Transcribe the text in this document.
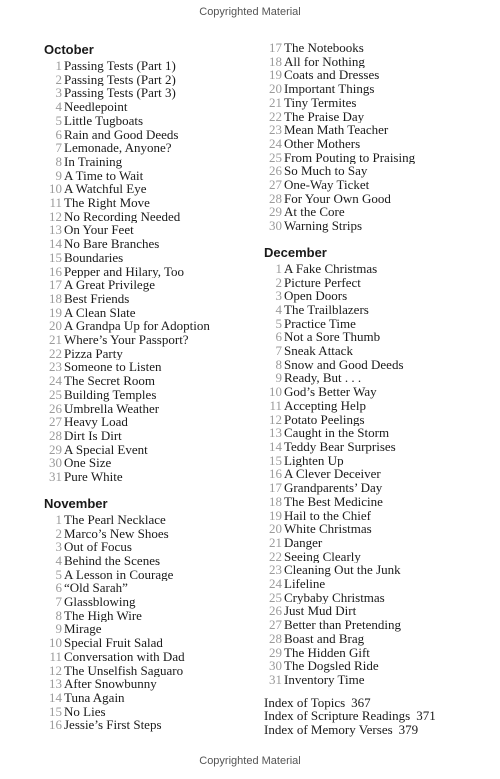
Copyrighted Material
October
1 Passing Tests (Part 1)
2 Passing Tests (Part 2)
3 Passing Tests (Part 3)
4 Needlepoint
5 Little Tugboats
6 Rain and Good Deeds
7 Lemonade, Anyone?
8 In Training
9 A Time to Wait
10 A Watchful Eye
11 The Right Move
12 No Recording Needed
13 On Your Feet
14 No Bare Branches
15 Boundaries
16 Pepper and Hilary, Too
17 A Great Privilege
18 Best Friends
19 A Clean Slate
20 A Grandpa Up for Adoption
21 Where’s Your Passport?
22 Pizza Party
23 Someone to Listen
24 The Secret Room
25 Building Temples
26 Umbrella Weather
27 Heavy Load
28 Dirt Is Dirt
29 A Special Event
30 One Size
31 Pure White
November
1 The Pearl Necklace
2 Marco’s New Shoes
3 Out of Focus
4 Behind the Scenes
5 A Lesson in Courage
6 “Old Sarah”
7 Glassblowing
8 The High Wire
9 Mirage
10 Special Fruit Salad
11 Conversation with Dad
12 The Unselfish Saguaro
13 After Snowbunny
14 Tuna Again
15 No Lies
16 Jessie’s First Steps
17 The Notebooks
18 All for Nothing
19 Coats and Dresses
20 Important Things
21 Tiny Termites
22 The Praise Day
23 Mean Math Teacher
24 Other Mothers
25 From Pouting to Praising
26 So Much to Say
27 One-Way Ticket
28 For Your Own Good
29 At the Core
30 Warning Strips
December
1 A Fake Christmas
2 Picture Perfect
3 Open Doors
4 The Trailblazers
5 Practice Time
6 Not a Sore Thumb
7 Sneak Attack
8 Snow and Good Deeds
9 Ready, But . . .
10 God’s Better Way
11 Accepting Help
12 Potato Peelings
13 Caught in the Storm
14 Teddy Bear Surprises
15 Lighten Up
16 A Clever Deceiver
17 Grandparents’ Day
18 The Best Medicine
19 Hail to the Chief
20 White Christmas
21 Danger
22 Seeing Clearly
23 Cleaning Out the Junk
24 Lifeline
25 Crybaby Christmas
26 Just Mud Dirt
27 Better than Pretending
28 Boast and Brag
29 The Hidden Gift
30 The Dogsled Ride
31 Inventory Time
Index of Topics 367
Index of Scripture Readings 371
Index of Memory Verses 379
Copyrighted Material
